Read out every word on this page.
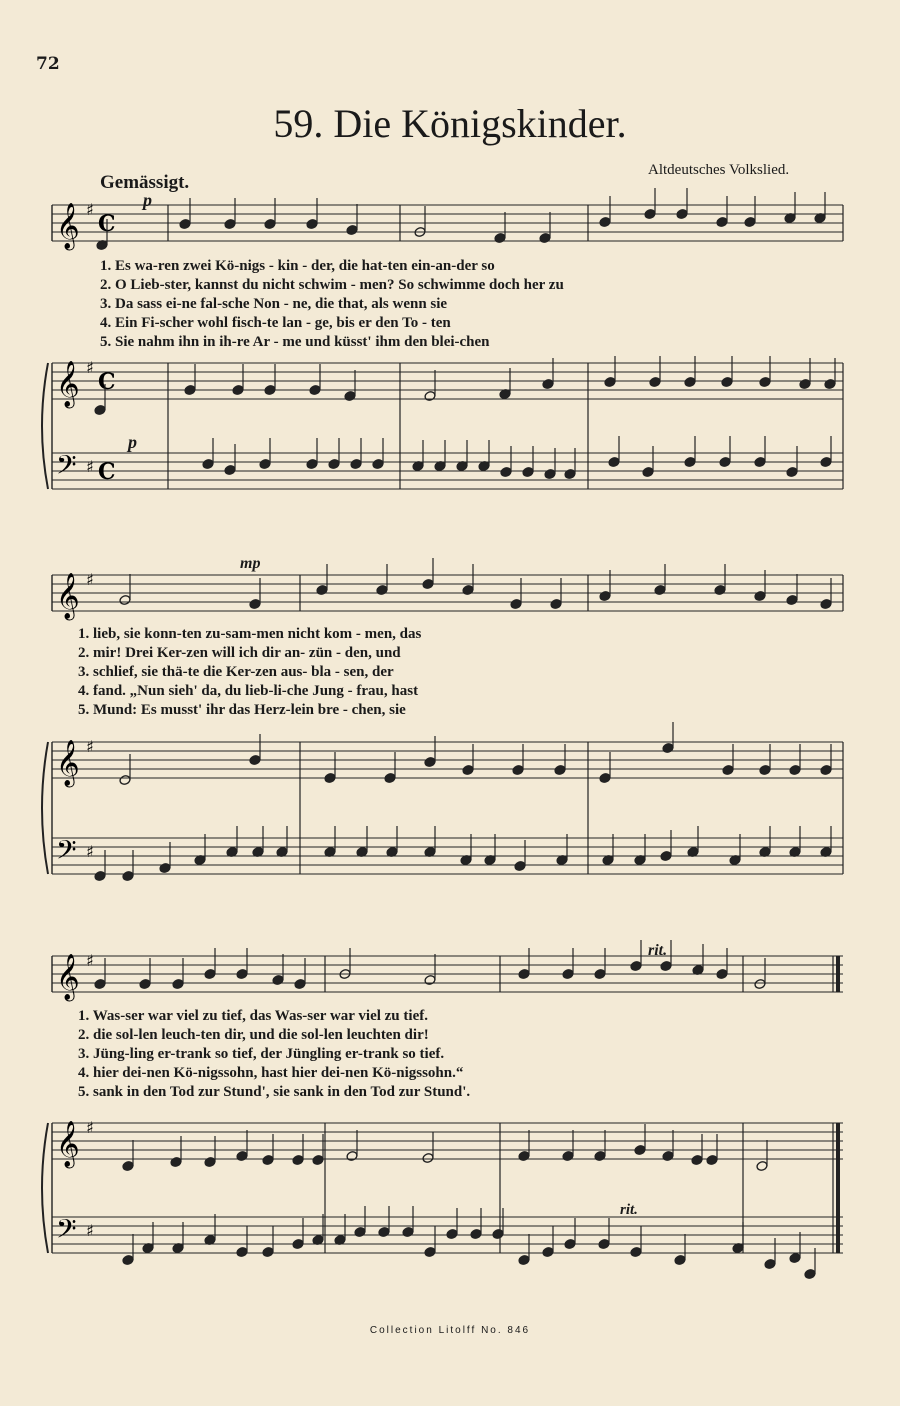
72
59. Die Königskinder.
Gemässigt.
Altdeutsches Volkslied.
𝄞
𝄞
𝄢
♯
♯
♯
C
C
C
𝄞
𝄞
𝄢
♯
♯
♯
𝄞
𝄞
𝄢
♯
♯
♯
1. Es wa-ren zwei Kö-nigs - kin - der, die hat-ten ein-an-der so
2. O Lieb-ster, kannst du nicht schwim - men? So schwimme doch her zu
3. Da sass ei-ne fal-sche Non - ne, die that, als wenn sie
4. Ein Fi-scher wohl fisch-te lan - ge, bis er den To - ten
5. Sie nahm ihn in ih-re Ar - me und küsst' ihm den blei-chen
1. lieb, sie konn-ten zu-sam-men nicht kom - men, das
2. mir! Drei Ker-zen will ich dir an- zün - den, und
3. schlief, sie thä-te die Ker-zen aus- bla - sen, der
4. fand. „Nun sieh' da, du lieb-li-che Jung - frau, hast
5. Mund: Es musst' ihr das Herz-lein bre - chen, sie
1. Was-ser war viel zu tief, das Was-ser war viel zu tief.
2. die sol-len leuch-ten dir, und die sol-len leuchten dir!
3. Jüng-ling er-trank so tief, der Jüngling er-trank so tief.
4. hier dei-nen Kö-nigssohn, hast hier dei-nen Kö-nigssohn.“
5. sank in den Tod zur Stund', sie sank in den Tod zur Stund'.
Collection Litolff No. 846
p
p
mp
rit.
rit.
